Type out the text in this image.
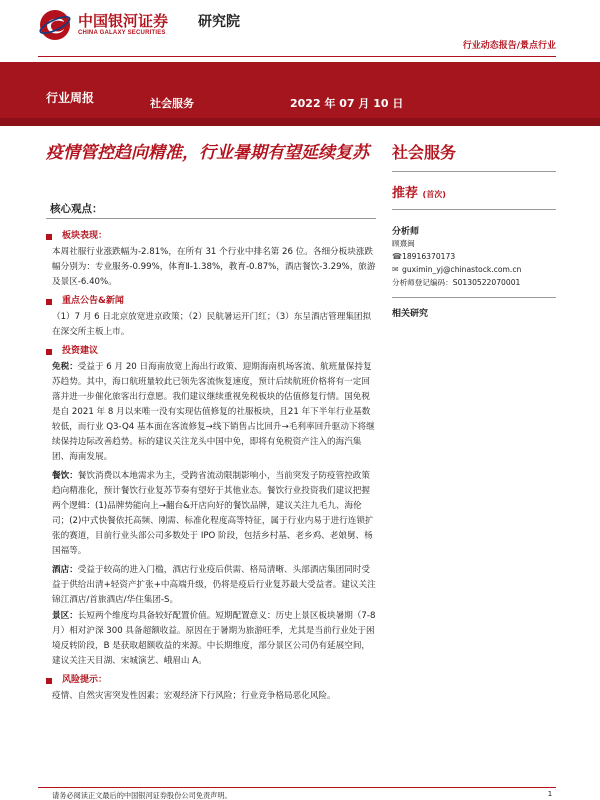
中国银河证券
CHINA GALAXY SECURITIES
研究院
行业动态报告/景点行业
行业周报	社会服务	2022 年 07 月 10 日
疫情管控趋向精准，行业暑期有望延续复苏
核心观点：
板块表现：
本周社服行业涨跌幅为-2.81%，在所有 31 个行业中排名第 26 位。各细分板块涨跌幅分别为：专业服务-0.99%，体育Ⅱ-1.38%，教育-0.87%，酒店餐饮-3.29%，旅游及景区-6.40%。
重点公告&新闻
（1）7 月 6 日北京放宽进京政策；（2）民航暑运开门红；（3）东呈酒店管理集团拟在深交所主板上市。
投资建议
免税：受益于 6 月 20 日海南放宽上海出行政策、迎期海南机场客流、航班量保持复苏趋势。其中，海口航班量较此已领先客流恢复速度，预计后续航班价格将有一定回落并进一步催化旅客出行意愿。我们建议继续重视免税板块的估值修复行情。国免税是自 2021 年 8 月以来唯一没有实现估值修复的社服板块，且21 年下半年行业基数较低，而行业 Q3-Q4 基本面在客流修复→线下销售占比回升→毛利率回升驱动下将继续保持边际改善趋势。标的建议关注龙头中国中免，即将有免税资产注入的海汽集团、海南发展。
餐饮：餐饮消费以本地需求为主，受跨省流动限制影响小，当前突发子防疫管控政策趋向精准化，预计餐饮行业复苏节奏有望好于其他业态。餐饮行业投资我们建议把握两个逻辑：(1)品牌势能向上→翻台&开店向好的餐饮品牌，建议关注九毛九、海伦司；(2)中式快餐依托高频、刚需、标准化程度高等特征，属于行业内易于进行连锁扩张的赛道，目前行业头部公司多数处于 IPO 阶段，包括乡村基、老乡鸡、老娘舅、杨国福等。
酒店：受益于较高的进入门槛，酒店行业疫后供需、格局清晰、头部酒店集团同时受益于供给出清+轻资产扩张+中高端升级，仍将是疫后行业复苏最大受益者。建议关注锦江酒店/首旅酒店/华住集团-S。
景区：长短两个维度均具备较好配置价值。短期配置意义：历史上景区板块暑期（7-8 月）相对沪深 300 具备超额收益。原因在于暑期为旅游旺季，尤其是当前行业处于困境反转阶段，B 是获取超额收益的来源。中长期维度，部分景区公司仍有延展空间，建议关注天目湖、宋城演艺、峨眉山 A。
风险提示：
疫情、自然灾害突发性因素；宏观经济下行风险；行业竞争格局恶化风险。
社会服务
推荐 (首次)
分析师
顾熹闽
☎ 18916370173
✉ guximin_yj@chinastock.com.cn
分析师登记编码：S0130522070001
相关研究
请务必阅读正文最后的中国银河证券股份公司免责声明。	1
